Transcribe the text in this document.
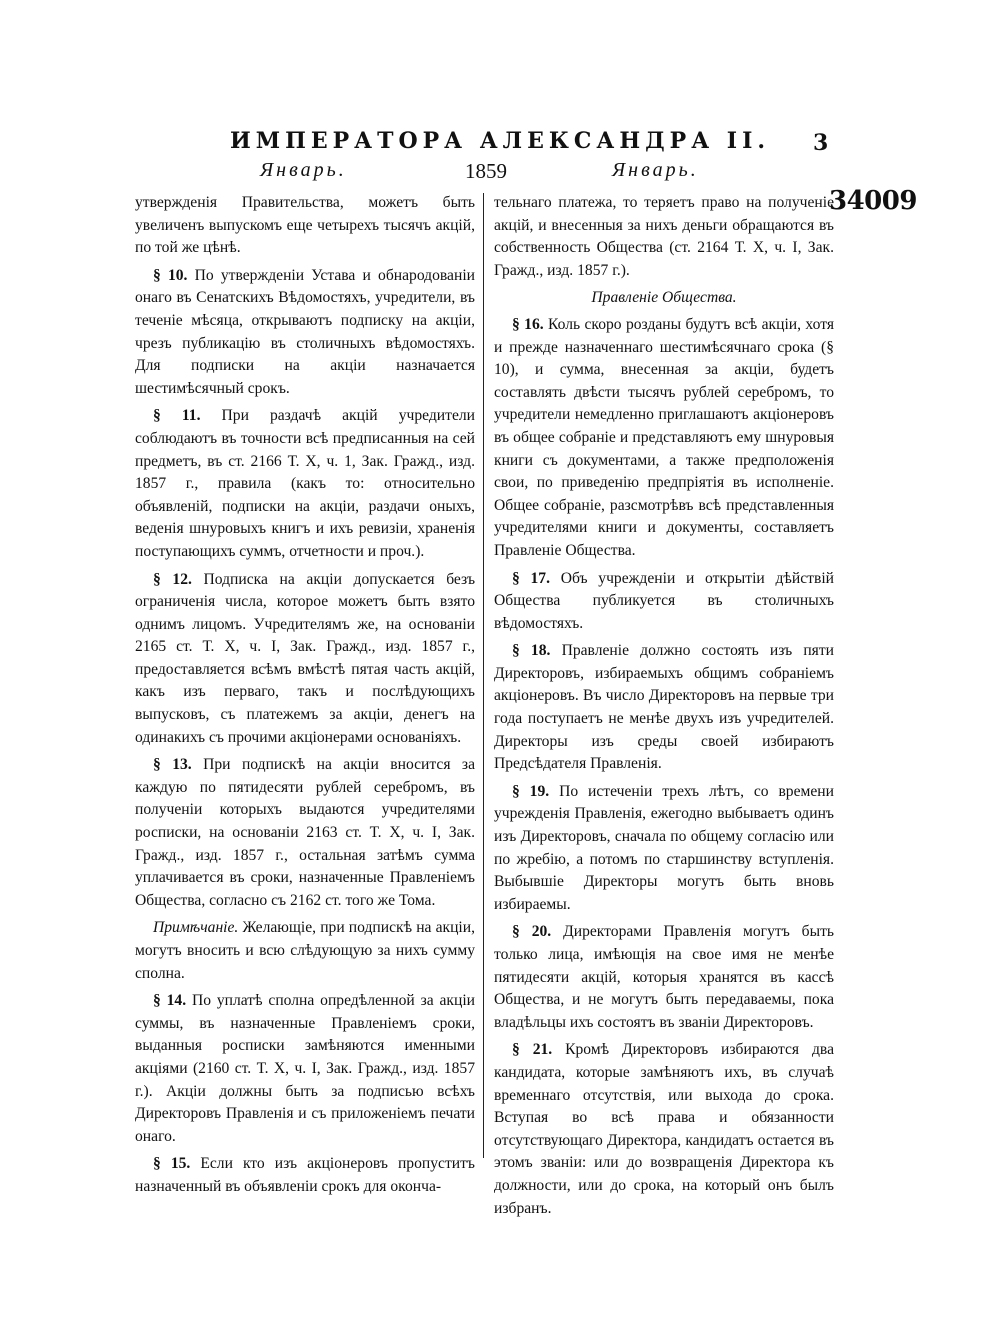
ИМПЕРАТОРА АЛЕКСАНДРА II.	3
Январь.	1859	Январь.
34009

утвержденія Правительства, можетъ быть увеличенъ выпускомъ еще четырехъ тысячъ акцій, по той же цѣнѣ.

§ 10. По утвержденіи Устава и обнародованіи онаго въ Сенатскихъ Вѣдомостяхъ, учредители, въ теченіе мѣсяца, открываютъ подписку на акціи, чрезъ публикацію въ столичныхъ вѣдомостяхъ. Для подписки на акціи назначается шестимѣсячный срокъ.

§ 11. При раздачѣ акцій учредители соблюдаютъ въ точности всѣ предписанныя на сей предметъ, въ ст. 2166 Т. X, ч. 1, Зак. Гражд., изд. 1857 г., правила (какъ то: относительно объявленій, подписки на акціи, раздачи оныхъ, веденія шнуровыхъ книгъ и ихъ ревизіи, храненія поступающихъ суммъ, отчетности и проч.).

§ 12. Подписка на акціи допускается безъ ограниченія числа, которое можетъ быть взято однимъ лицомъ. Учредителямъ же, на основаніи 2165 ст. Т. X, ч. I, Зак. Гражд., изд. 1857 г., предоставляется всѣмъ вмѣстѣ пятая часть акцій, какъ изъ перваго, такъ и послѣдующихъ выпусковъ, съ платежемъ за акціи, денегъ на одинакихъ съ прочими акціонерами основаніяхъ.

§ 13. При подпискѣ на акціи вносится за каждую по пятидесяти рублей серебромъ, въ полученіи которыхъ выдаются учредителями росписки, на основаніи 2163 ст. Т. X, ч. I, Зак. Гражд., изд. 1857 г., остальная затѣмъ сумма уплачивается въ сроки, назначенные Правленіемъ Общества, согласно съ 2162 ст. того же Тома.

Примѣчаніе. Желающіе, при подпискѣ на акціи, могутъ вносить и всю слѣдующую за нихъ сумму сполна.

§ 14. По уплатѣ сполна опредѣленной за акціи суммы, въ назначенные Правленіемъ сроки, выданныя росписки замѣняются именными акціями (2160 ст. Т. X, ч. I, Зак. Гражд., изд. 1857 г.). Акціи должны быть за подписью всѣхъ Директоровъ Правленія и съ приложеніемъ печати онаго.

§ 15. Если кто изъ акціонеровъ пропуститъ назначенный въ объявленіи срокъ для оконча-

тельнаго платежа, то теряетъ право на полученіе акцій, и внесенныя за нихъ деньги обращаются въ собственность Общества (ст. 2164 Т. X, ч. I, Зак. Гражд., изд. 1857 г.).

Правленіе Общества.

§ 16. Коль скоро розданы будутъ всѣ акціи, хотя и прежде назначеннаго шестимѣсячнаго срока (§ 10), и сумма, внесенная за акціи, будетъ составлять двѣсти тысячъ рублей серебромъ, то учредители немедленно приглашаютъ акціонеровъ въ общее собраніе и представляютъ ему шнуровыя книги съ документами, а также предположенія свои, по приведенію предпріятія въ исполненіе. Общее собраніе, разсмотрѣвъ всѣ представленныя учредителями книги и документы, составляетъ Правленіе Общества.

§ 17. Объ учрежденіи и открытіи дѣйствій Общества публикуется въ столичныхъ вѣдомостяхъ.

§ 18. Правленіе должно состоять изъ пяти Директоровъ, избираемыхъ общимъ собраніемъ акціонеровъ. Въ число Директоровъ на первые три года поступаетъ не менѣе двухъ изъ учредителей. Директоры изъ среды своей избираютъ Предсѣдателя Правленія.

§ 19. По истеченіи трехъ лѣтъ, со времени учрежденія Правленія, ежегодно выбываетъ одинъ изъ Директоровъ, сначала по общему согласію или по жребію, а потомъ по старшинству вступленія. Выбывшіе Директоры могутъ быть вновь избираемы.

§ 20. Директорами Правленія могутъ быть только лица, имѣющія на свое имя не менѣе пятидесяти акцій, которыя хранятся въ кассѣ Общества, и не могутъ быть передаваемы, пока владѣльцы ихъ состоятъ въ званіи Директоровъ.

§ 21. Кромѣ Директоровъ избираются два кандидата, которые замѣняютъ ихъ, въ случаѣ временнаго отсутствія, или выхода до срока. Вступая во всѣ права и обязанности отсутствующаго Директора, кандидатъ остается въ этомъ званіи: или до возвращенія Директора къ должности, или до срока, на который онъ былъ избранъ.
